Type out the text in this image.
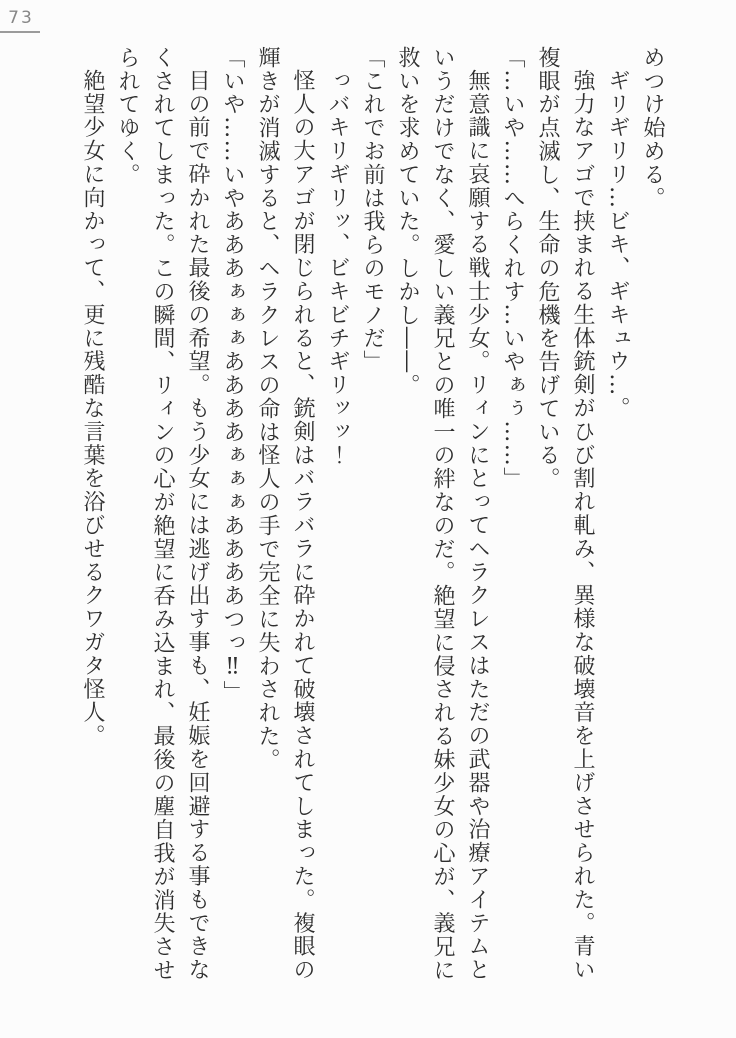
73

めつけ始める。

ギリギリリ…ビキ、ギキュウ…。

強力なアゴで挟まれる生体銃剣がひび割れ軋み、異様な破壊音を上げさせられた。青い複眼が点滅し、生命の危機を告げている。

「…いや……へらくれす…いやぁぅ……」

無意識に哀願する戦士少女。リィンにとってヘラクレスはただの武器や治療アイテムというだけでなく、愛しい義兄との唯一の絆なのだ。絶望に侵される妹少女の心が、義兄に救いを求めていた。しかし――。

「これでお前は我らのモノだ」

っバキリギリッ、ビキビチギリッッ！

怪人の大アゴが閉じられると、銃剣はバラバラに砕かれて破壊されてしまった。複眼の輝きが消滅すると、ヘラクレスの命は怪人の手で完全に失わされた。

「いや……いやあああぁぁぁああああぁぁぁああああつっ‼」

目の前で砕かれた最後の希望。もう少女には逃げ出す事も、妊娠を回避する事もできなくされてしまった。この瞬間、リィンの心が絶望に呑み込まれ、最後の塵自我が消失させられてゆく。

絶望少女に向かって、更に残酷な言葉を浴びせるクワガタ怪人。
